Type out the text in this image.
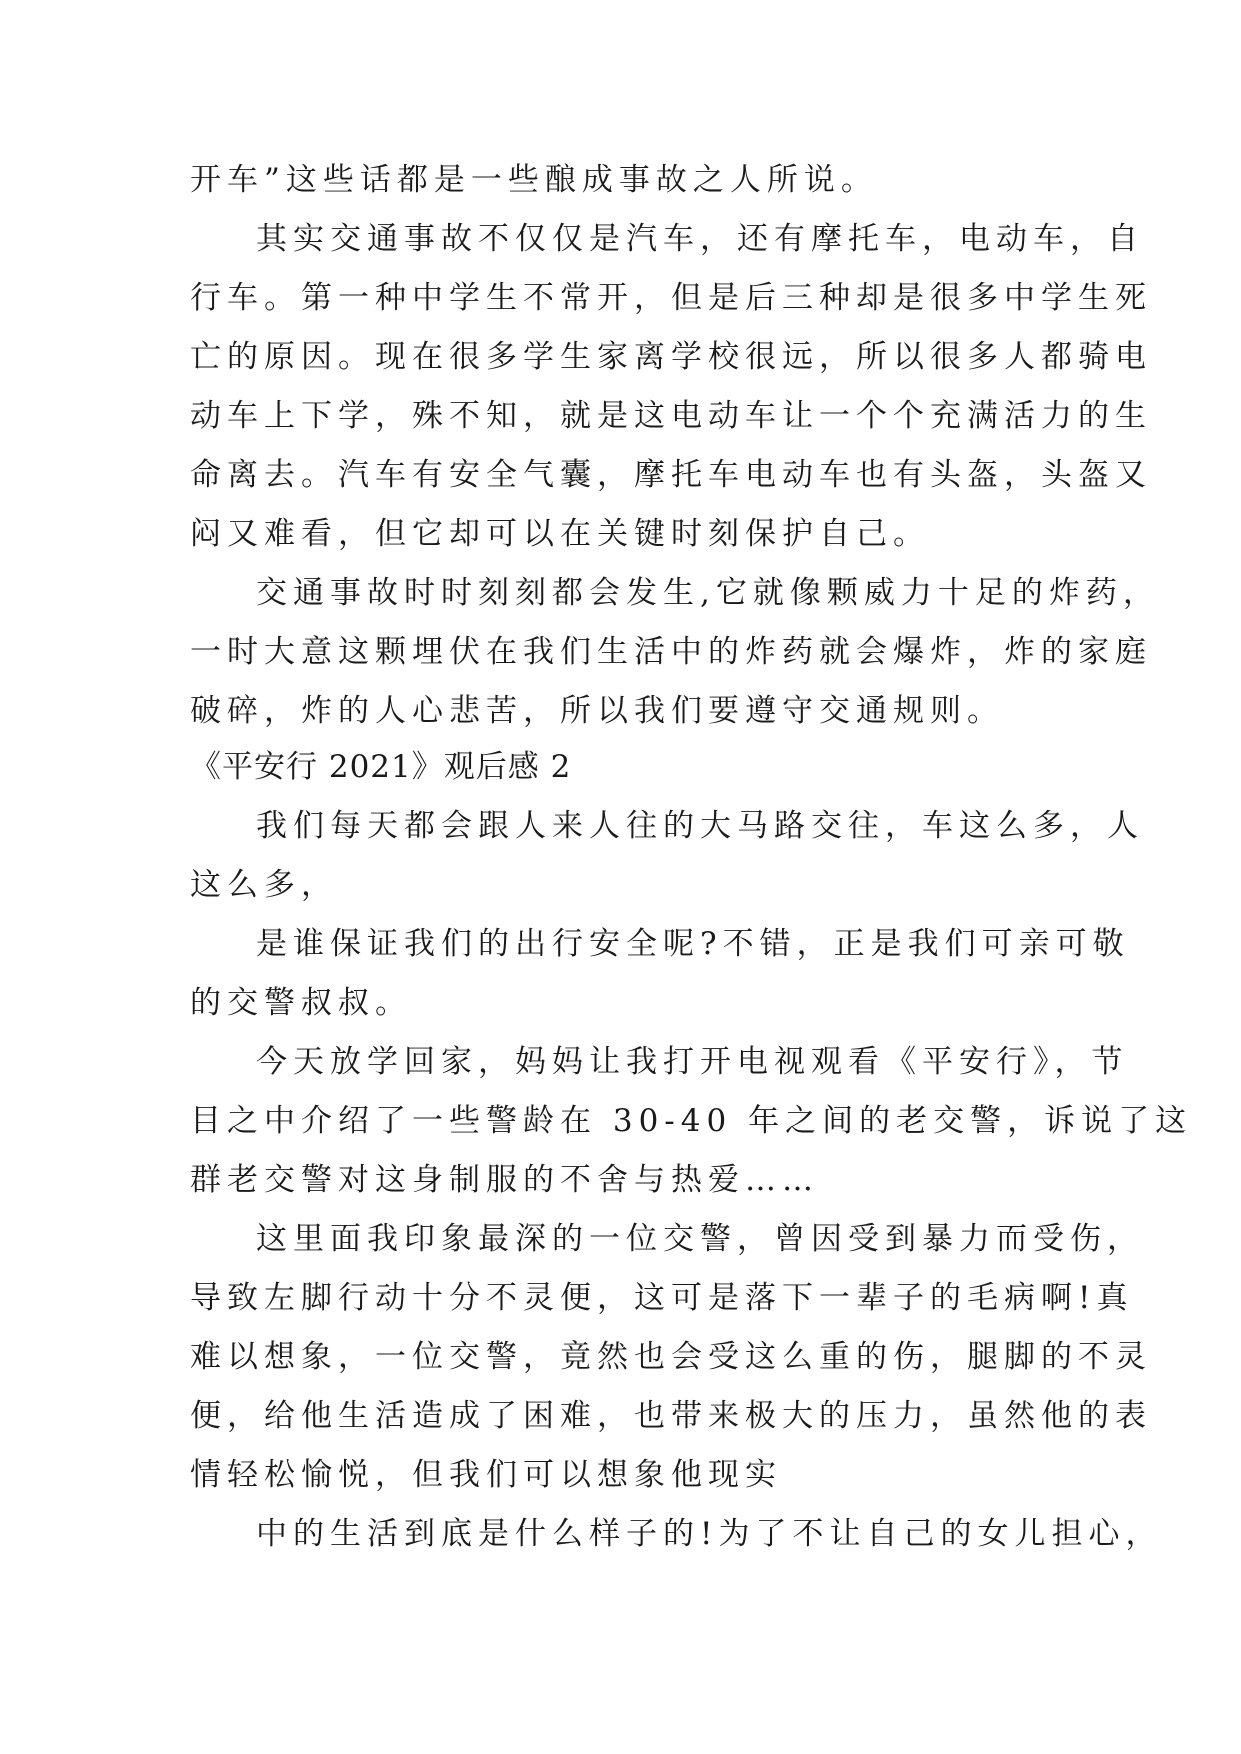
开车”这些话都是一些酿成事故之人所说。
其实交通事故不仅仅是汽车，还有摩托车，电动车，自
行车。第一种中学生不常开，但是后三种却是很多中学生死
亡的原因。现在很多学生家离学校很远，所以很多人都骑电
动车上下学，殊不知，就是这电动车让一个个充满活力的生
命离去。汽车有安全气囊，摩托车电动车也有头盔，头盔又
闷又难看，但它却可以在关键时刻保护自己。
交通事故时时刻刻都会发生,它就像颗威力十足的炸药，
一时大意这颗埋伏在我们生活中的炸药就会爆炸，炸的家庭
破碎，炸的人心悲苦，所以我们要遵守交通规则。
《平安行 2021》观后感 2
我们每天都会跟人来人往的大马路交往，车这么多，人
这么多，
是谁保证我们的出行安全呢?不错，正是我们可亲可敬
的交警叔叔。
今天放学回家，妈妈让我打开电视观看《平安行》，节
目之中介绍了一些警龄在 30-40 年之间的老交警，诉说了这
群老交警对这身制服的不舍与热爱……
这里面我印象最深的一位交警，曾因受到暴力而受伤，
导致左脚行动十分不灵便，这可是落下一辈子的毛病啊!真
难以想象，一位交警，竟然也会受这么重的伤，腿脚的不灵
便，给他生活造成了困难，也带来极大的压力，虽然他的表
情轻松愉悦，但我们可以想象他现实
中的生活到底是什么样子的!为了不让自己的女儿担心，
